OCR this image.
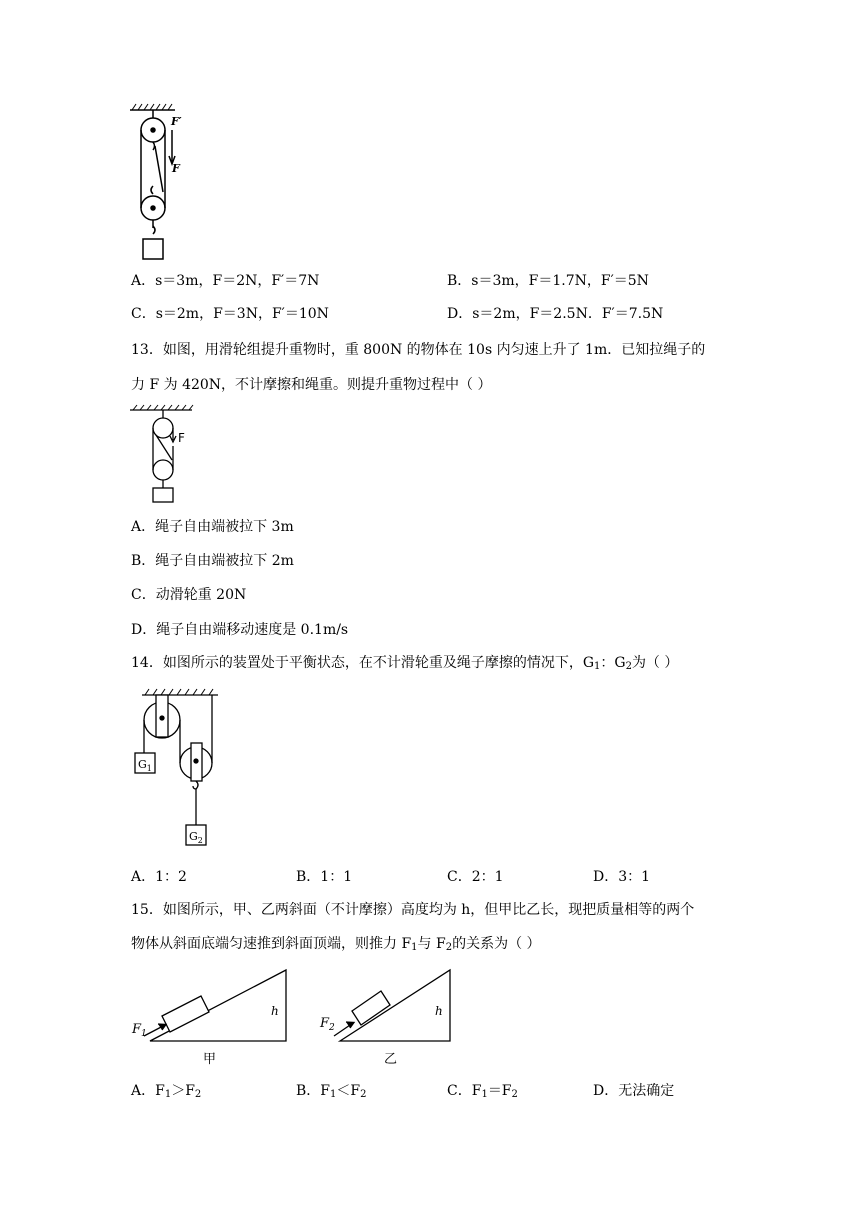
F′
F
A．s＝3m，F＝2N，F′＝7N	B．s＝3m，F＝1.7N，F′＝5N
C．s＝2m，F＝3N，F′＝10N	D．s＝2m，F＝2.5N．F′＝7.5N
13．如图，用滑轮组提升重物时，重 800N 的物体在 10s 内匀速上升了 1m．已知拉绳子的
力 F 为 420N，不计摩擦和绳重。则提升重物过程中（ ）
F
A．绳子自由端被拉下 3m
B．绳子自由端被拉下 2m
C．动滑轮重 20N
D．绳子自由端移动速度是 0.1m/s
14．如图所示的装置处于平衡状态，在不计滑轮重及绳子摩擦的情况下，$G_1$：$G_2$为（ ）
$G_1$
$G_2$
A．1：2	B．1：1	C．2：1	D．3：1
15．如图所示，甲、乙两斜面（不计摩擦）高度均为 h，但甲比乙长，现把质量相等的两个
物体从斜面底端匀速推到斜面顶端，则推力 $F_1$与 $F_2$的关系为（ ）
$F_1$
h
甲
$F_2$
h
乙
A．$F_1>F_2$	B．$F_1<F_2$	C．$F_1=F_2$	D．无法确定
